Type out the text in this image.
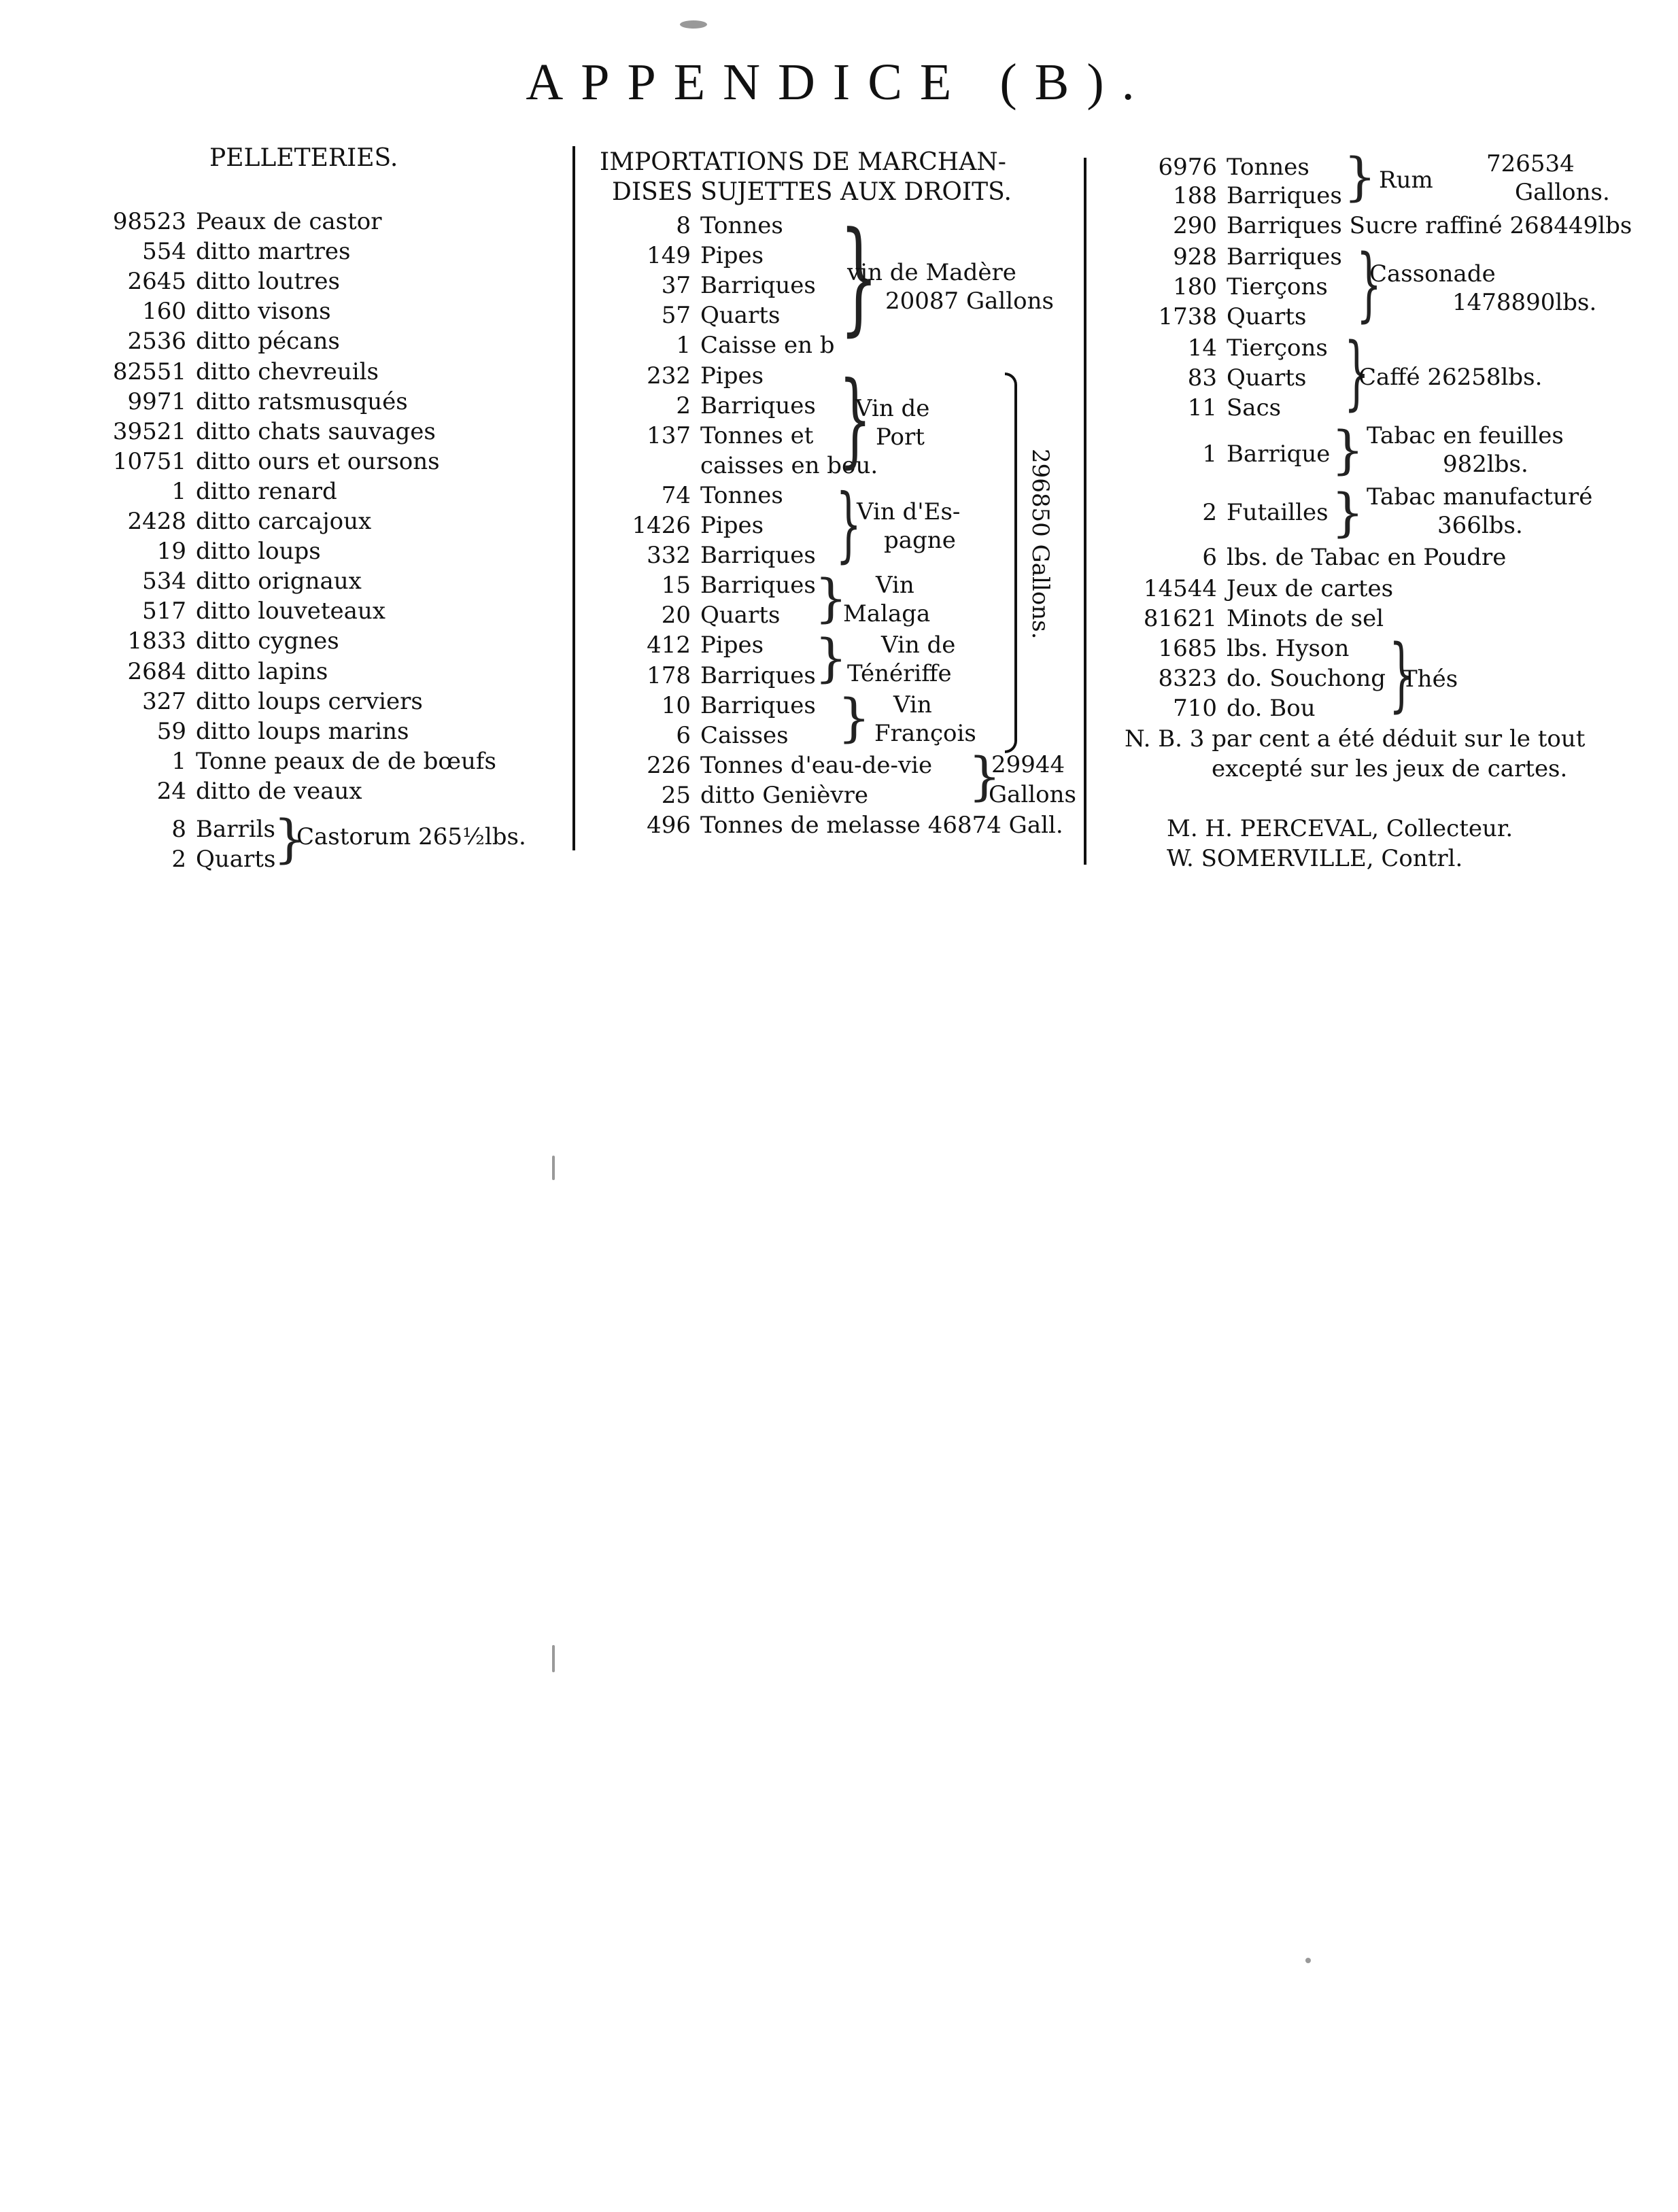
APPENDICE (B).
PELLETERIES.
98523 Peaux de castor
554 ditto martres
2645 ditto loutres
160 ditto visons
2536 ditto pécans
82551 ditto chevreuils
9971 ditto ratsmusqués
39521 ditto chats sauvages
10751 ditto ours et oursons
1 ditto renard
2428 ditto carcajoux
19 ditto loups
534 ditto orignaux
517 ditto louveteaux
1833 ditto cygnes
2684 ditto lapins
327 ditto loups cerviers
59 ditto loups marins
1 Tonne peaux de de bœufs
24 ditto de veaux
8 Barrils
2 Quarts
}
Castorum 265½lbs.
IMPORTATIONS DE MARCHAN-
DISES SUJETTES AUX DROITS.
8 Tonnes
149 Pipes
37 Barriques
57 Quarts
1 Caisse en b
232 Pipes
2 Barriques
137 Tonnes et
caisses en bou.
74 Tonnes
1426 Pipes
332 Barriques
15 Barriques
20 Quarts
412 Pipes
178 Barriques
10 Barriques
6 Caisses
226 Tonnes d'eau-de-vie
25 ditto Genièvre
496 Tonnes de melasse 46874 Gall.
}
vin de Madère
20087 Gallons
}
Vin de
Port
}
Vin d'Es-
pagne
} Vin
Malaga
} Vin de
Ténériffe
} Vin
François
296850 Gallons.
}
29944
Gallons
6976 Tonnes
188 Barriques
290 Barriques Sucre raffiné 268449lbs
928 Barriques
180 Tierçons
1738 Quarts
14 Tierçons
83 Quarts
11 Sacs
1 Barrique
2 Futailles
6 lbs. de Tabac en Poudre
14544 Jeux de cartes
81621 Minots de sel
1685 lbs. Hyson
8323 do. Souchong
710 do. Bou
} Rum
726534
Gallons.
}
Cassonade
1478890lbs.
}
Caffé 26258lbs.
} Tabac en feuilles
982lbs.
} Tabac manufacturé
366lbs.
}
Thés
N. B. 3 par cent a été déduit sur le tout
excepté sur les jeux de cartes.
M. H. PERCEVAL, Collecteur.
W. SOMERVILLE, Contrl.
